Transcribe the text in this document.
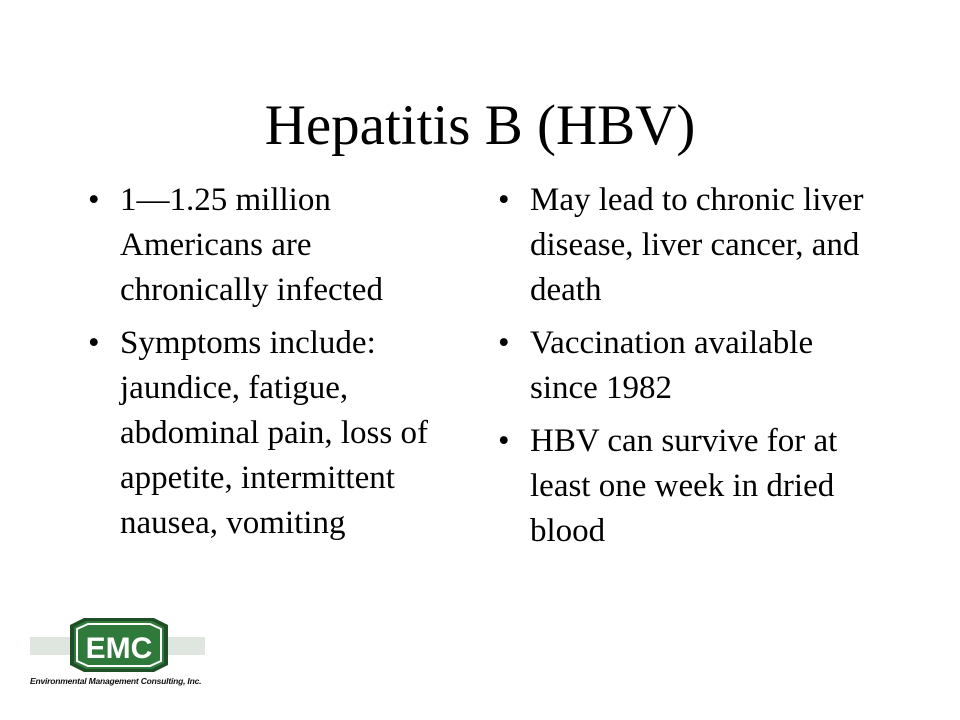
Hepatitis B (HBV)
• 1—1.25 million Americans are chronically infected
• Symptoms include: jaundice, fatigue, abdominal pain, loss of appetite, intermittent nausea, vomiting
• May lead to chronic liver disease, liver cancer, and death
• Vaccination available since 1982
• HBV can survive for at least one week in dried blood
EMC
Environmental Management Consulting, Inc.
